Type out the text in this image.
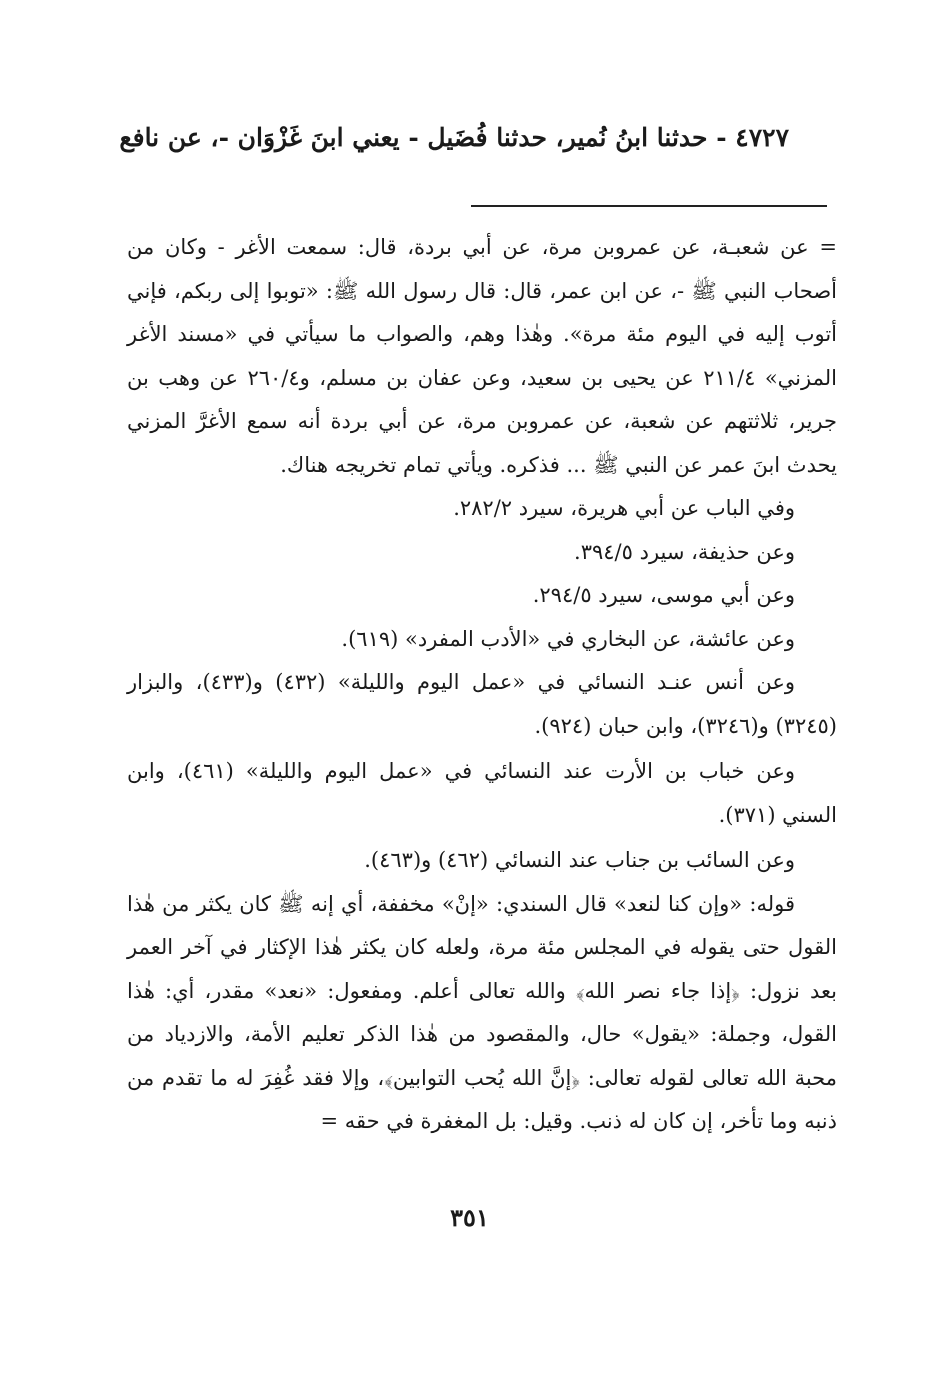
٤٧٢٧ - حدثنا ابنُ نُمير، حدثنا فُضَيل - يعني ابنَ غَزْوَان -، عن نافع

= عن شعبـة، عن عمروبن مرة، عن أبي بردة، قال: سمعت الأغر - وكان من أصحاب النبي ﷺ -، عن ابن عمر، قال: قال رسول الله ﷺ: «توبوا إلى ربكم، فإني أتوب إليه في اليوم مئة مرة». وهٰذا وهم، والصواب ما سيأتي في «مسند الأغر المزني» ٢١١/٤ عن يحيى بن سعيد، وعن عفان بن مسلم، و٢٦٠/٤ عن وهب بن جرير، ثلاثتهم عن شعبة، عن عمروبن مرة، عن أبي بردة أنه سمع الأغرَّ المزني يحدث ابنَ عمر عن النبي ﷺ ... فذكره. ويأتي تمام تخريجه هناك.

وفي الباب عن أبي هريرة، سيرد ٢٨٢/٢.

وعن حذيفة، سيرد ٣٩٤/٥.

وعن أبي موسى، سيرد ٢٩٤/٥.

وعن عائشة، عن البخاري في «الأدب المفرد» (٦١٩).

وعن أنس عنـد النسائي في «عمل اليوم والليلة» (٤٣٢) و(٤٣٣)، والبزار (٣٢٤٥) و(٣٢٤٦)، وابن حبان (٩٢٤).

وعن خباب بن الأرت عند النسائي في «عمل اليوم والليلة» (٤٦١)، وابن السني (٣٧١).

وعن السائب بن جناب عند النسائي (٤٦٢) و(٤٦٣).

قوله: «وإن كنا لنعد» قال السندي: «إنْ» مخففة، أي إنه ﷺ كان يكثر من هٰذا القول حتى يقوله في المجلس مئة مرة، ولعله كان يكثر هٰذا الإكثار في آخر العمر بعد نزول: ﴿إذا جاء نصر الله﴾ والله تعالى أعلم. ومفعول: «نعد» مقدر، أي: هٰذا القول، وجملة: «يقول» حال، والمقصود من هٰذا الذكر تعليم الأمة، والازدياد من محبة الله تعالى لقوله تعالى: ﴿إنَّ الله يُحب التوابين﴾، وإلا فقد غُفِرَ له ما تقدم من ذنبه وما تأخر، إن كان له ذنب. وقيل: بل المغفرة في حقه =

٣٥١
